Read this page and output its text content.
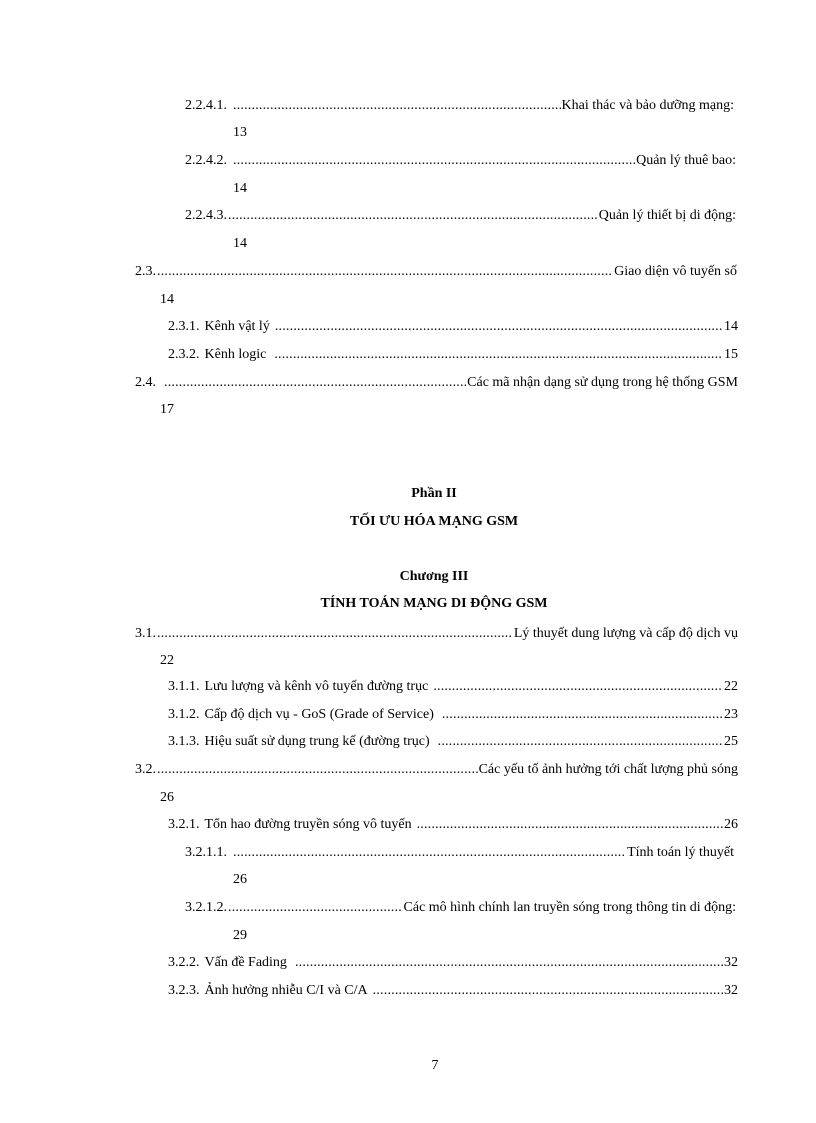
2.2.4.1. .....	Khai thác và bảo dưỡng mạng:
13
2.2.4.2. .....	Quản lý thuê bao:
14
2.2.4.3. .....	Quản lý thiết bị di động:
14
2.3. .....	Giao diện vô tuyến số
14
2.3.1. Kênh vật lý .....	14
2.3.2. Kênh logic .....	15
2.4. .....	Các mã nhận dạng sử dụng trong hệ thống GSM
17
Phần II
TỐI ƯU HÓA MẠNG GSM
Chương III
TÍNH TOÁN MẠNG DI ĐỘNG GSM
3.1. .....	Lý thuyết dung lượng và cấp độ dịch vụ
22
3.1.1. Lưu lượng và kênh vô tuyến đường trục .....	22
3.1.2. Cấp độ dịch vụ - GoS (Grade of Service) .....	23
3.1.3. Hiệu suất sử dụng trung kế (đường trục) .....	25
3.2. .....	Các yếu tố ảnh hưởng tới chất lượng phủ sóng
26
3.2.1. Tổn hao đường truyền sóng vô tuyến .....	26
3.2.1.1. .....	Tính toán lý thuyết
26
3.2.1.2. .....	Các mô hình chính lan truyền sóng trong thông tin di động:
29
3.2.2. Vấn đề Fading .....	32
3.2.3. Ảnh hưởng nhiễu C/I và C/A .....	32
7
